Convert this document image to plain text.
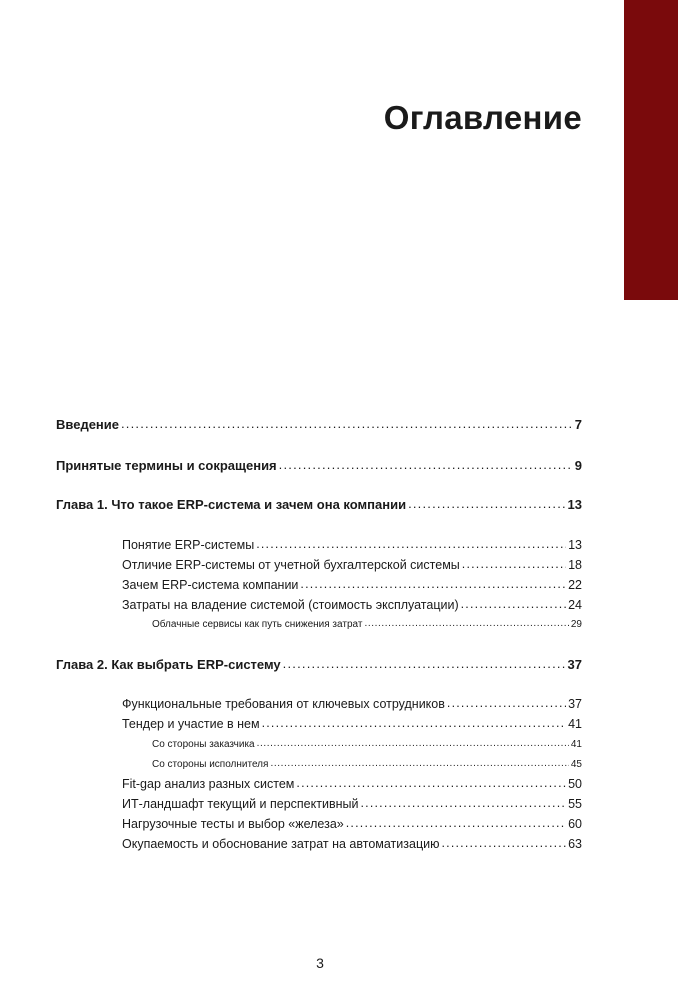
Оглавление
Введение .....	7
Принятые термины и сокращения .....	9
Глава 1. Что такое ERP-система и зачем она компании .....	13
Понятие ERP-системы .....	13
Отличие ERP-системы от учетной бухгалтерской системы .....	18
Зачем ERP-система компании .....	22
Затраты на владение системой (стоимость эксплуатации) .....	24
Облачные сервисы как путь снижения затрат .....	29
Глава 2. Как выбрать ERP-систему .....	37
Функциональные требования от ключевых сотрудников .....	37
Тендер и участие в нем .....	41
Со стороны заказчика .....	41
Со стороны исполнителя .....	45
Fit-gap анализ разных систем .....	50
ИТ-ландшафт текущий и перспективный .....	55
Нагрузочные тесты и выбор «железа» .....	60
Окупаемость и обоснование затрат на автоматизацию .....	63
3
